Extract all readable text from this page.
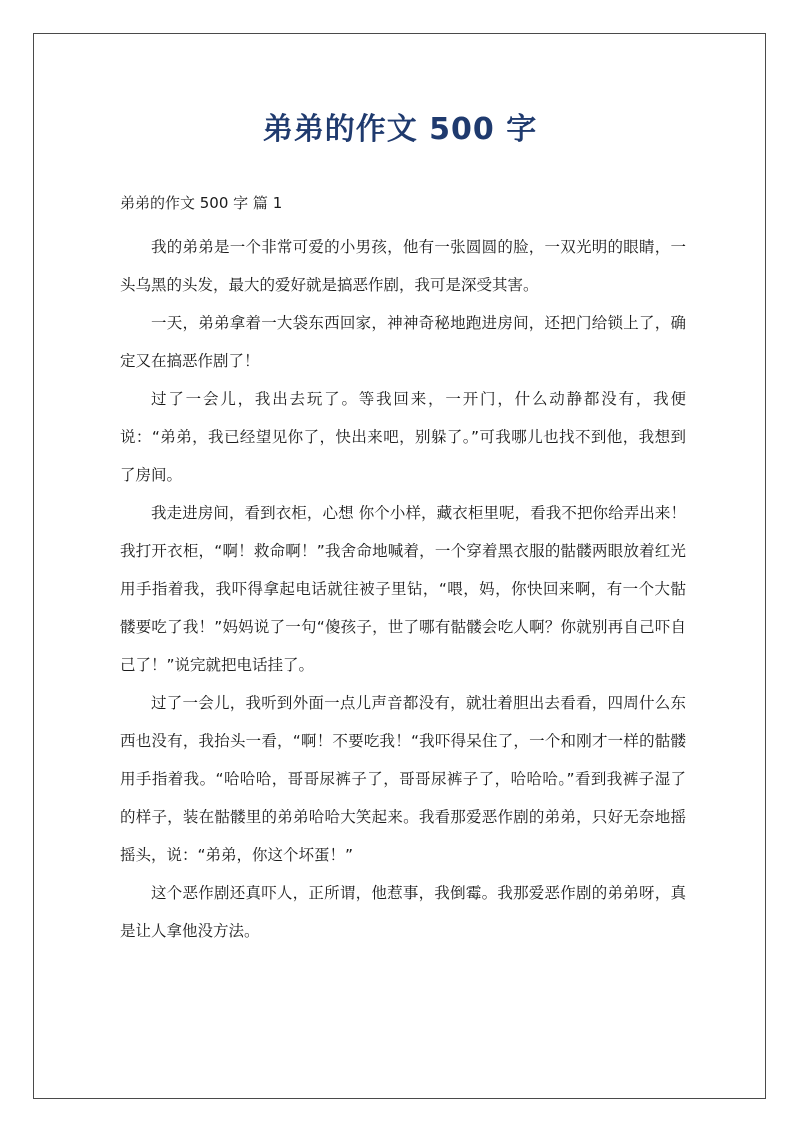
弟弟的作文 500 字
弟弟的作文 500 字 篇 1

我的弟弟是一个非常可爱的小男孩，他有一张圆圆的脸，一双光明的眼睛，一头乌黑的头发，最大的爱好就是搞恶作剧，我可是深受其害。

一天，弟弟拿着一大袋东西回家，神神奇秘地跑进房间，还把门给锁上了，确定又在搞恶作剧了！

过了一会儿，我出去玩了。等我回来，一开门，什么动静都没有，我便说：“弟弟，我已经望见你了，快出来吧，别躲了。”可我哪儿也找不到他，我想到了房间。

我走进房间，看到衣柜，心想 你个小样，藏衣柜里呢，看我不把你给弄出来！我打开衣柜，“啊！救命啊！”我舍命地喊着，一个穿着黑衣服的骷髅两眼放着红光用手指着我，我吓得拿起电话就往被子里钻，“喂，妈，你快回来啊，有一个大骷髅要吃了我！”妈妈说了一句“傻孩子，世了哪有骷髅会吃人啊？你就别再自己吓自己了！”说完就把电话挂了。

过了一会儿，我听到外面一点儿声音都没有，就壮着胆出去看看，四周什么东西也没有，我抬头一看，“啊！不要吃我！“我吓得呆住了，一个和刚才一样的骷髅用手指着我。“哈哈哈，哥哥尿裤子了，哥哥尿裤子了，哈哈哈。”看到我裤子湿了的样子，装在骷髅里的弟弟哈哈大笑起来。我看那爱恶作剧的弟弟，只好无奈地摇摇头，说：“弟弟，你这个坏蛋！”

这个恶作剧还真吓人，正所谓，他惹事，我倒霉。我那爱恶作剧的弟弟呀，真是让人拿他没方法。
